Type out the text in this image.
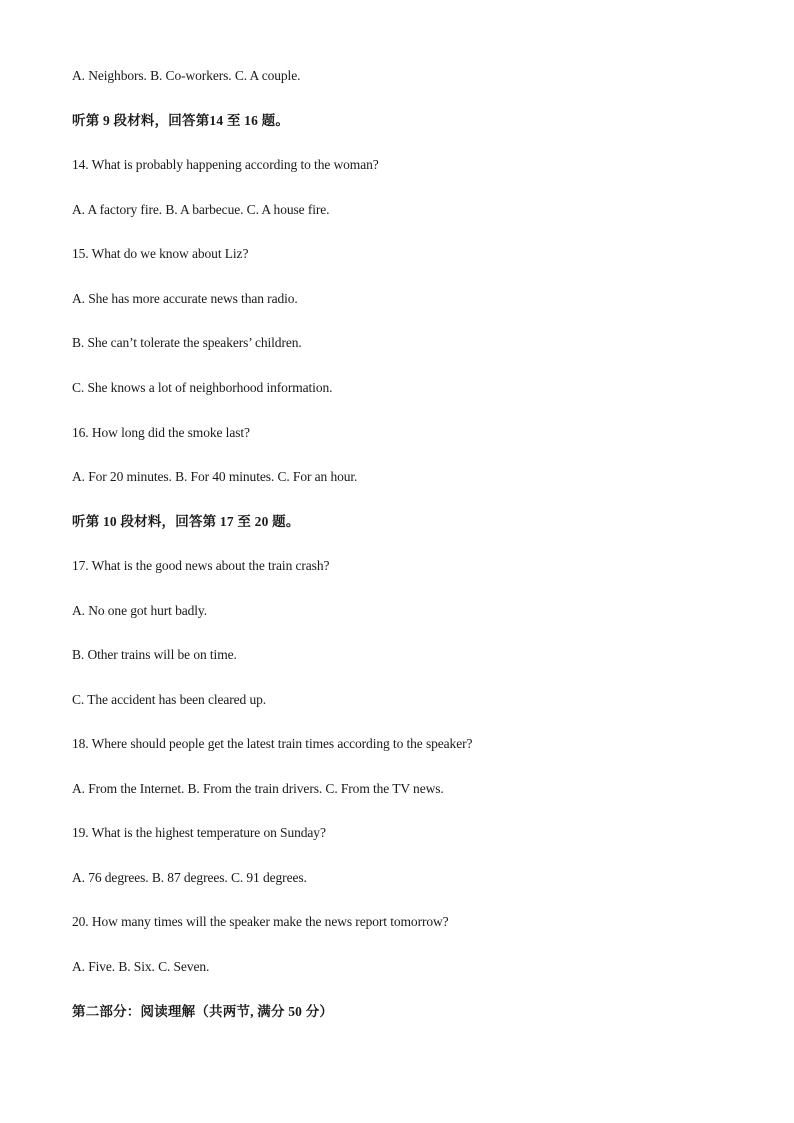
A. Neighbors. B. Co-workers. C. A couple.
听第 9 段材料，回答第14 至 16 题。
14. What is probably happening according to the woman?
A. A factory fire. B. A barbecue. C. A house fire.
15. What do we know about Liz?
A. She has more accurate news than radio.
B. She can’t tolerate the speakers’ children.
C. She knows a lot of neighborhood information.
16. How long did the smoke last?
A. For 20 minutes. B. For 40 minutes. C. For an hour.
听第 10 段材料，回答第 17 至 20 题。
17. What is the good news about the train crash?
A. No one got hurt badly.
B. Other trains will be on time.
C. The accident has been cleared up.
18. Where should people get the latest train times according to the speaker?
A. From the Internet. B. From the train drivers. C. From the TV news.
19. What is the highest temperature on Sunday?
A. 76 degrees. B. 87 degrees. C. 91 degrees.
20. How many times will the speaker make the news report tomorrow?
A. Five. B. Six. C. Seven.
第二部分：阅读理解（共两节, 满分 50 分）
